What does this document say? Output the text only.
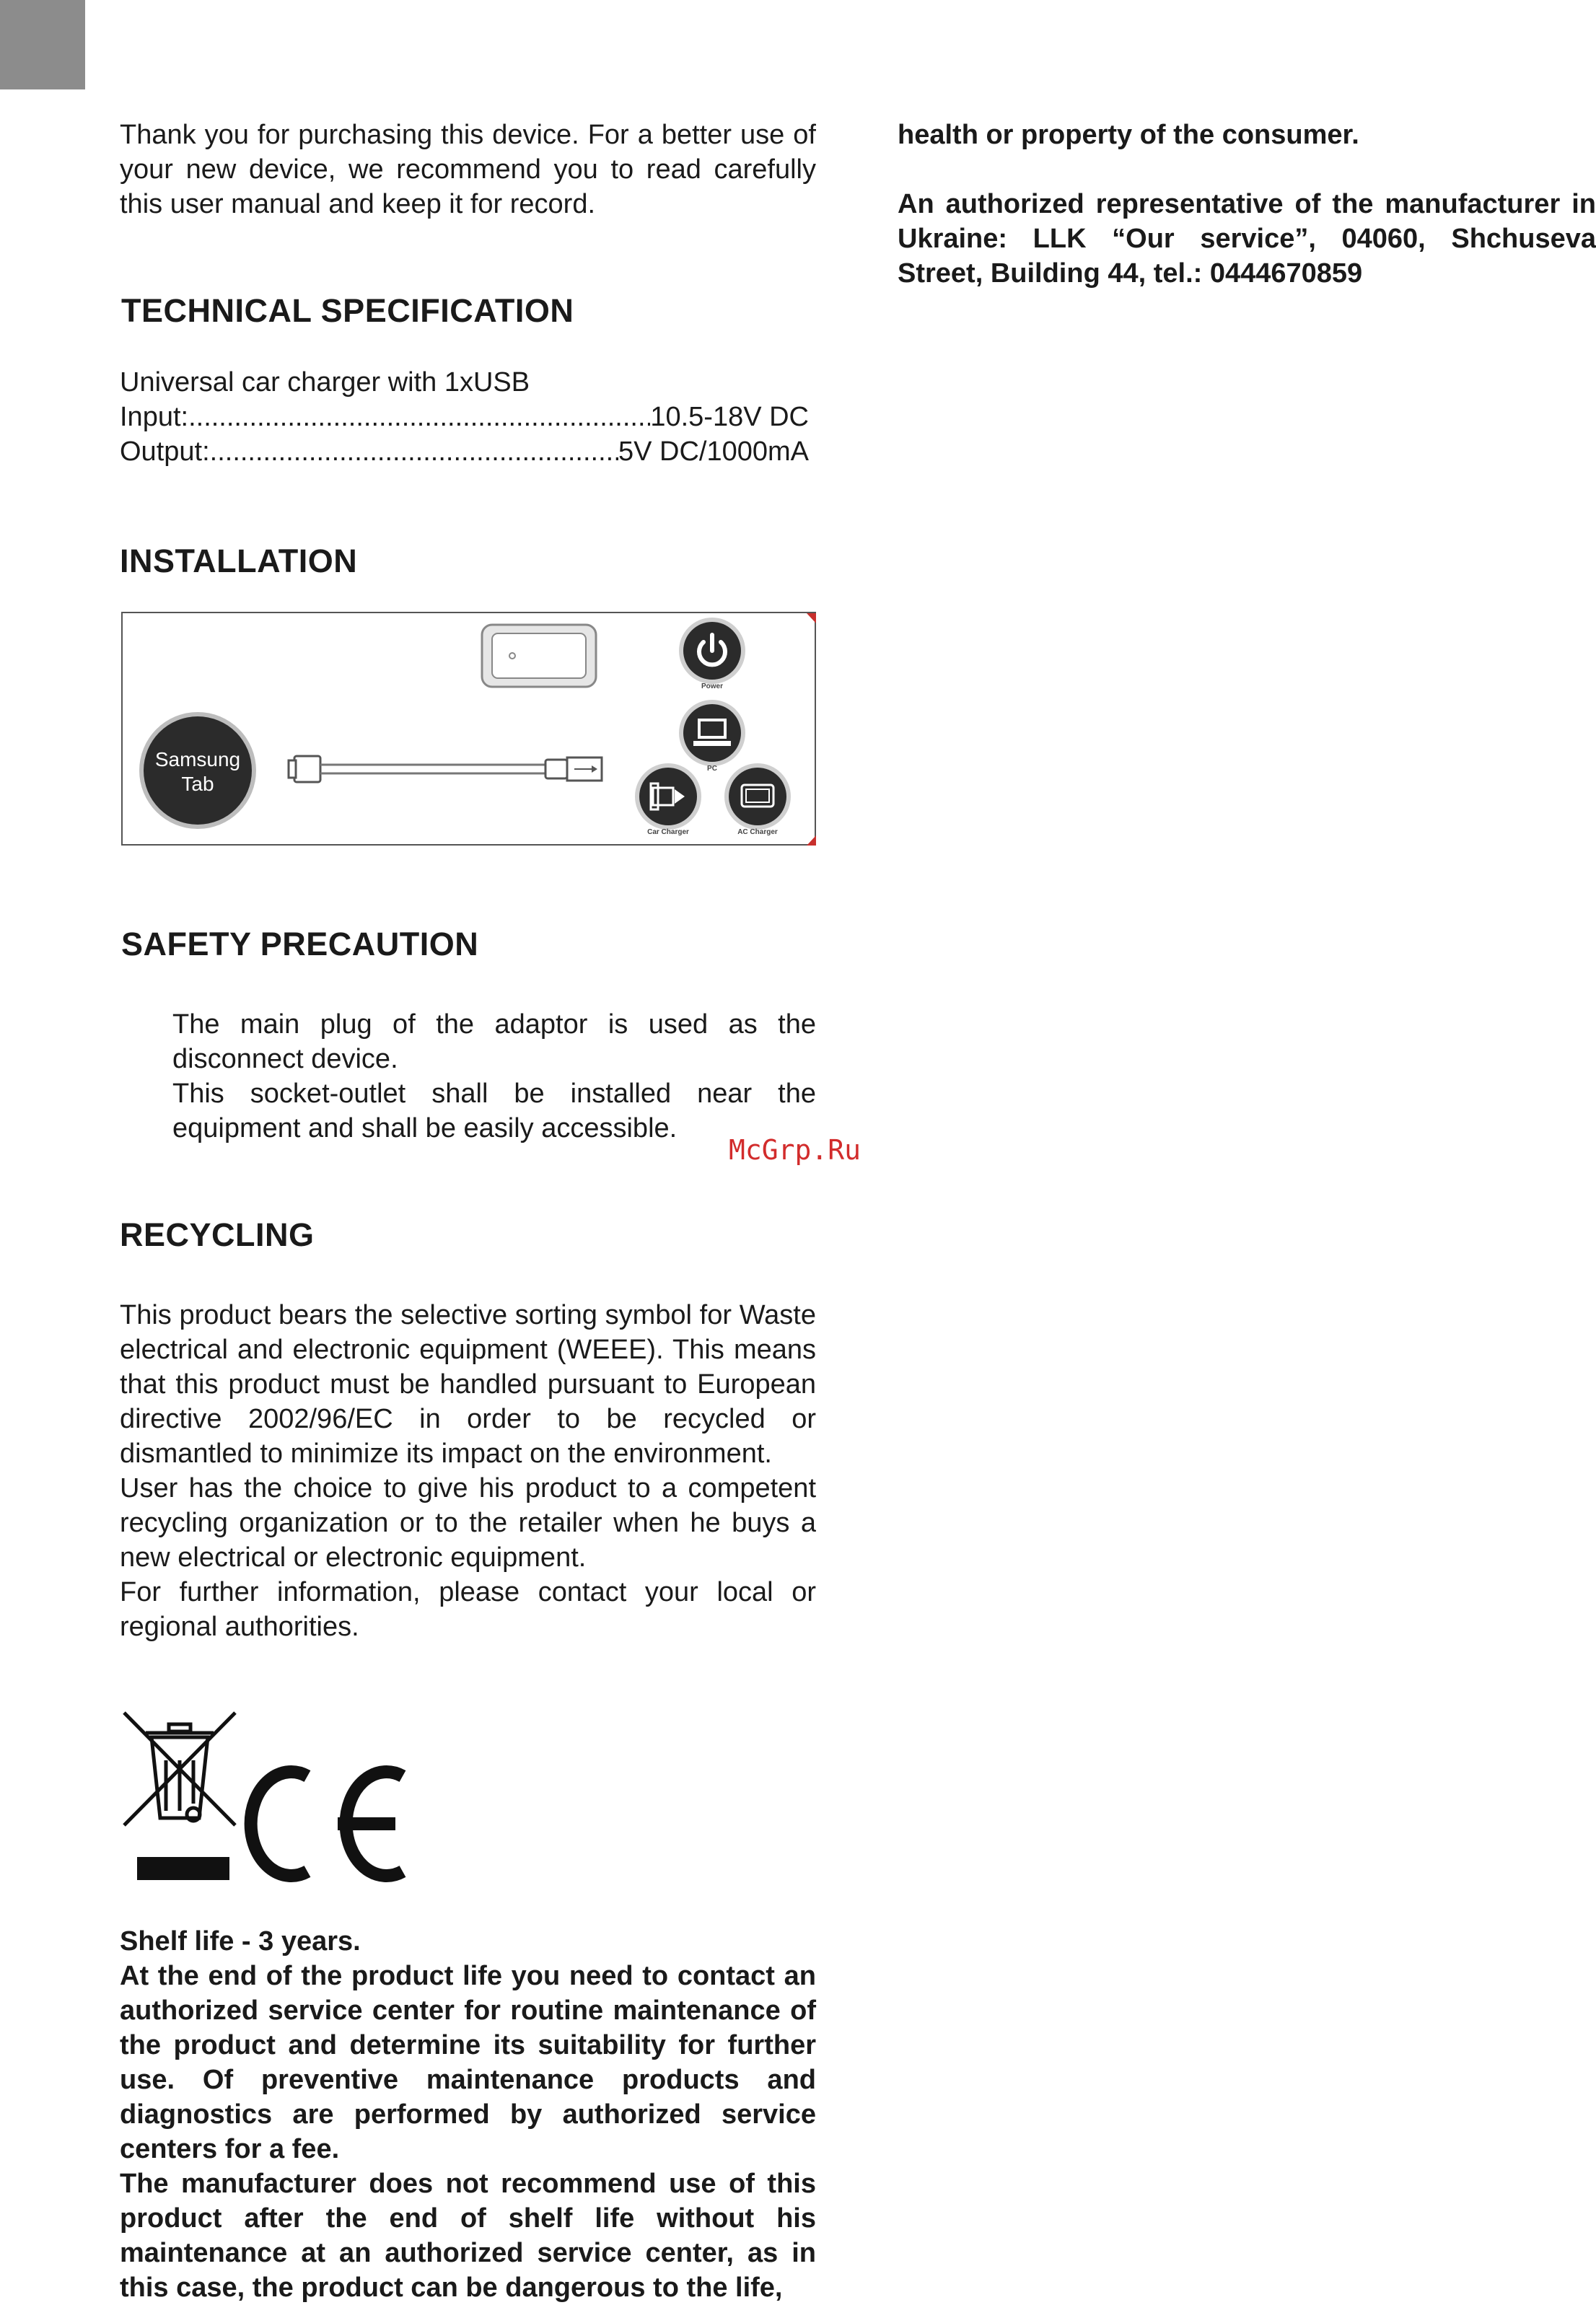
Thank you for purchasing this device. For a better use of your new device, we recommend you to read carefully this user manual and keep it for record.

TECHNICAL SPECIFICATION

Universal car charger with 1xUSB

Input: .....	10.5-18V DC
Output: .....	5V DC/1000mA
INSTALLATION
Samsung
Tab
Power
PC
Car Charger	AC Charger
SAFETY PRECAUTION

The main plug of the adaptor is used as the disconnect device.

This socket-outlet shall be installed near the equipment and shall be easily accessible.

McGrp.Ru
RECYCLING

This product bears the selective sorting symbol for Waste electrical and electronic equipment (WEEE). This means that this product must be handled pursuant to European directive 2002/96/EC in order to be recycled or dismantled to minimize its impact on the environment.

User has the choice to give his product to a competent recycling organization or to the retailer when he buys a new electrical or electronic equipment.

For further information, please contact your local or regional authorities.

Shelf life - 3 years.

At the end of the product life you need to contact an authorized service center for routine maintenance of the product and determine its suitability for further use. Of preventive maintenance products and diagnostics are performed by authorized service centers for a fee.

The manufacturer does not recommend use of this product after the end of shelf life without his maintenance at an authorized service center, as in this case, the product can be dangerous to the life,

health or property of the consumer.

An authorized representative of the manufacturer in Ukraine: LLK “Our service”, 04060, Shchuseva Street, Building 44, tel.: 0444670859
